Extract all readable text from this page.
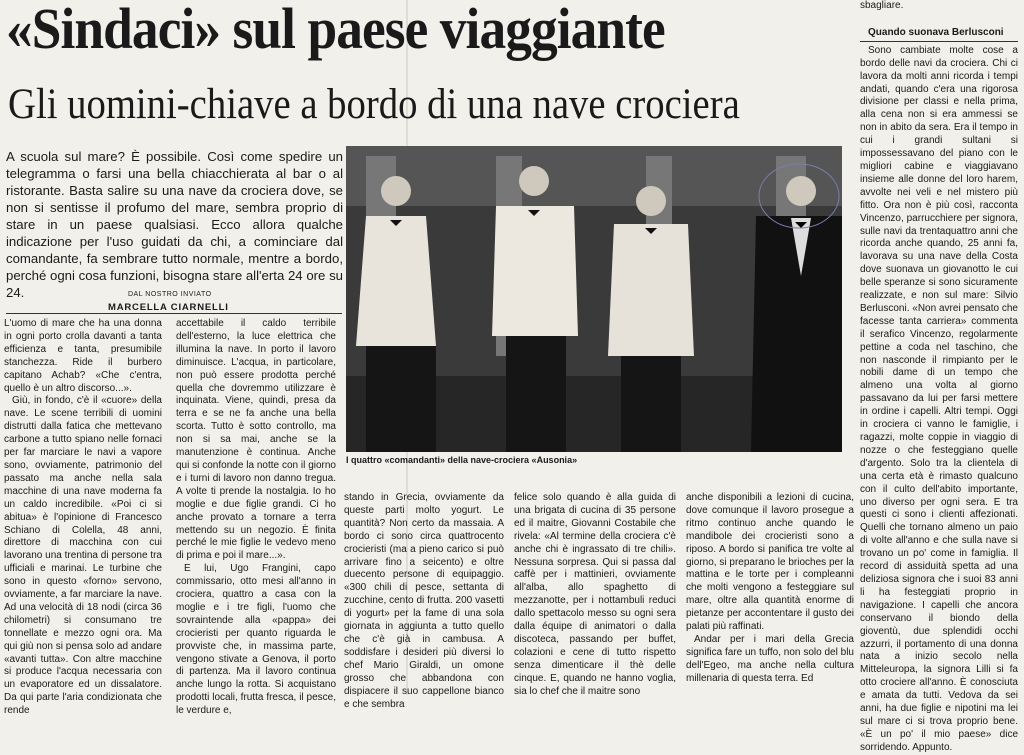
«Sindaci» sul paese viaggiante
Gli uomini-chiave a bordo di una nave crociera
A scuola sul mare? È possibile. Così come spedire un telegramma o farsi una bella chiacchierata al bar o al ristorante. Basta salire su una nave da crociera dove, se non si sentisse il profumo del mare, sembra proprio di stare in un paese qualsiasi. Ecco allora qualche indicazione per l'uso guidati da chi, a cominciare dal comandante, fa sembrare tutto normale, mentre a bordo, perché ogni cosa funzioni, bisogna stare all'erta 24 ore su 24.	DAL NOSTRO INVIATO
MARCELLA CIARNELLI

L'uomo di mare che ha una donna in ogni porto crolla davanti a tanta efficienza e tanta, presumibile stanchezza. Ride il burbero capitano Achab? «Che c'entra, quello è un altro discorso...».

Giù, in fondo, c'è il «cuore» della nave. Le scene terribili di uomini distrutti dalla fatica che mettevano carbone a tutto spiano nelle fornaci per far marciare le navi a vapore sono, ovviamente, patrimonio del passato ma anche nella sala macchine di una nave moderna fa un caldo incredibile. «Poi ci si abitua» è l'opinione di Francesco Schiano di Colella, 48 anni, direttore di macchina con cui lavorano una trentina di persone tra ufficiali e marinai. Le turbine che sono in questo «forno» servono, ovviamente, a far marciare la nave. Ad una velocità di 18 nodi (circa 36 chilometri) si consumano tre tonnellate e mezzo ogni ora. Ma qui giù non si pensa solo ad andare «avanti tutta». Con altre macchine si produce l'acqua necessaria con un evaporatore ed un dissalatore. Da qui parte l'aria condizionata che rende

accettabile il caldo terribile dell'esterno, la luce elettrica che illumina la nave. In porto il lavoro diminuisce. L'acqua, in particolare, non può essere prodotta perché quella che dovremmo utilizzare è inquinata. Viene, quindi, presa da terra e se ne fa anche una bella scorta. Tutto è sotto controllo, ma non si sa mai, anche se la manutenzione è continua. Anche qui si confonde la notte con il giorno e i turni di lavoro non danno tregua. A volte ti prende la nostalgia. Io ho moglie e due figlie grandi. Ci ho anche provato a tornare a terra mettendo su un negozio. È finita perché le mie figlie le vedevo meno di prima e poi il mare...».

E lui, Ugo Frangini, capo commissario, otto mesi all'anno in crociera, quattro a casa con la moglie e i tre figli, l'uomo che sovraintende alla «pappa» dei crocieristi per quanto riguarda le provviste che, in massima parte, vengono stivate a Genova, il porto di partenza. Ma il lavoro continua anche lungo la rotta. Si acquistano prodotti locali, frutta fresca, il pesce, le verdure e,

I quattro «comandanti» della nave-crociera «Ausonia»

stando in Grecia, ovviamente da queste parti molto yogurt. Le quantità? Non certo da massaia. A bordo ci sono circa quattrocento crocieristi (ma a pieno carico si può arrivare fino a seicento) e oltre duecento persone di equipaggio. «300 chili di pesce, settanta di zucchine, cento di frutta. 200 vasetti di yogurt» per la fame di una sola giornata in aggiunta a tutto quello che c'è già in cambusa. A soddisfare i desideri più diversi lo chef Mario Giraldi, un omone grosso che abbandona con dispiacere il suo cappellone bianco e che sembra

felice solo quando è alla guida di una brigata di cucina di 35 persone ed il maitre, Giovanni Costabile che rivela: «Al termine della crociera c'è anche chi è ingrassato di tre chili». Nessuna sorpresa. Qui si passa dal caffè per i mattinieri, ovviamente all'alba, allo spaghetto di mezzanotte, per i nottambuli reduci dallo spettacolo messo su ogni sera dalla équipe di animatori o dalla discoteca, passando per buffet, colazioni e cene di tutto rispetto senza dimenticare il thè delle cinque. E, quando ne hanno voglia, sia lo chef che il maitre sono

anche disponibili a lezioni di cucina, dove comunque il lavoro prosegue a ritmo continuo anche quando le mandibole dei crocieristi sono a riposo. A bordo si panifica tre volte al giorno, si preparano le brioches per la mattina e le torte per i compleanni che molti vengono a festeggiare sul mare, oltre alla quantità enorme di pietanze per accontentare il gusto dei palati più raffinati.

Andar per i mari della Grecia significa fare un tuffo, non solo del blu dell'Egeo, ma anche nella cultura millenaria di questa terra. Ed

sbagliare.

Quando suonava Berlusconi

Sono cambiate molte cose a bordo delle navi da crociera. Chi ci lavora da molti anni ricorda i tempi andati, quando c'era una rigorosa divisione per classi e nella prima, alla cena non si era ammessi se non in abito da sera. Era il tempo in cui i grandi sultani si impossessavano del piano con le migliori cabine e viaggiavano insieme alle donne del loro harem, avvolte nei veli e nel mistero più fitto. Ora non è più così, racconta Vincenzo, parrucchiere per signora, sulle navi da trentaquattro anni che ricorda anche quando, 25 anni fa, lavorava su una nave della Costa dove suonava un giovanotto le cui belle speranze si sono sicuramente realizzate, e non sul mare: Silvio Berlusconi. «Non avrei pensato che facesse tanta carriera» commenta il serafico Vincenzo, regolarmente pettine a coda nel taschino, che non nasconde il rimpianto per le nobili dame di un tempo che almeno una volta al giorno passavano da lui per farsi mettere in ordine i capelli. Altri tempi. Oggi in crociera ci vanno le famiglie, i ragazzi, molte coppie in viaggio di nozze o che festeggiano quelle d'argento. Solo tra la clientela di una certa età è rimasto qualcuno con il culto dell'abito importante, uno diverso per ogni sera. E tra questi ci sono i clienti affezionati. Quelli che tornano almeno un paio di volte all'anno e che sulla nave si trovano un po' come in famiglia. Il record di assiduità spetta ad una deliziosa signora che i suoi 83 anni li ha festeggiati proprio in navigazione. I capelli che ancora conservano il biondo della gioventù, due splendidi occhi azzurri, il portamento di una donna nata a inizio secolo nella Mitteleuropa, la signora Lilli si fa otto crociere all'anno. È conosciuta e amata da tutti. Vedova da sei anni, ha due figlie e nipotini ma lei sul mare ci si trova proprio bene. «È un po' il mio paese» dice sorridendo. Appunto.
